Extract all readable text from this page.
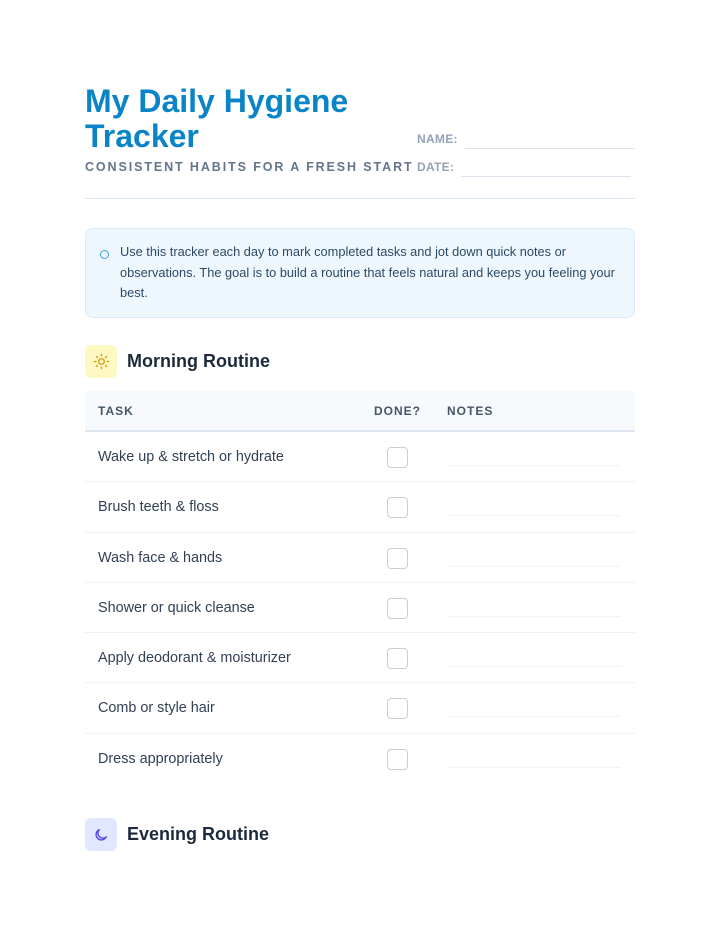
My Daily Hygiene Tracker
CONSISTENT HABITS FOR A FRESH START
NAME:
DATE:

Use this tracker each day to mark completed tasks and jot down quick notes or observations. The goal is to build a routine that feels natural and keeps you feeling your best.

Morning Routine
TASK	DONE? NOTES
Wake up & stretch or hydrate
Brush teeth & floss
Wash face & hands
Shower or quick cleanse
Apply deodorant & moisturizer
Comb or style hair
Dress appropriately
Evening Routine
